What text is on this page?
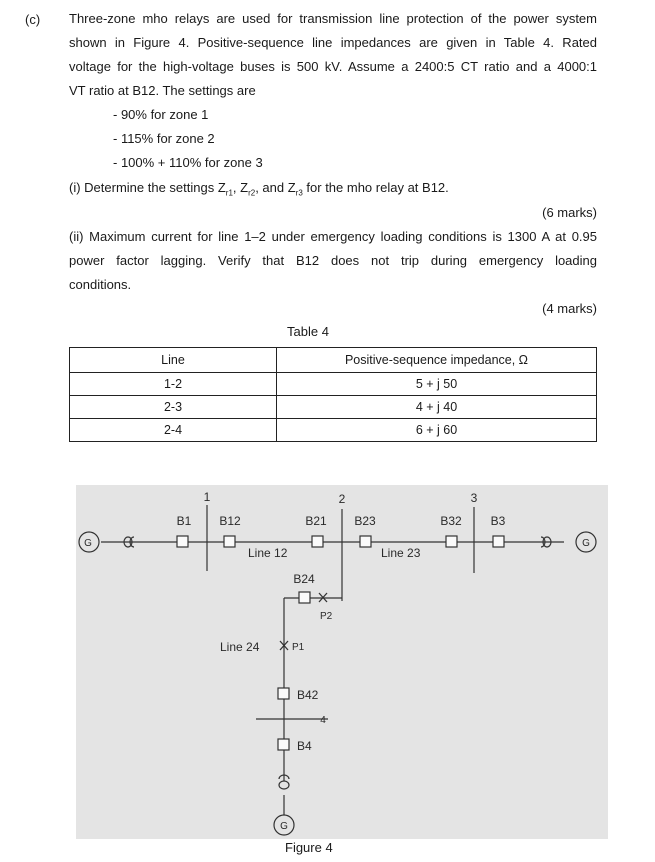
(c) Three-zone mho relays are used for transmission line protection of the power system
shown in Figure 4. Positive-sequence line impedances are given in Table 4. Rated
voltage for the high-voltage buses is 500 kV. Assume a 2400:5 CT ratio and a 4000:1
VT ratio at B12. The settings are
- 90% for zone 1
- 115% for zone 2
- 100% + 110% for zone 3
(i) Determine the settings $Z_{r1}$, $Z_{r2}$, and $Z_{r3}$ for the mho relay at B12.
(6 marks)
(ii) Maximum current for line 1–2 under emergency loading conditions is 1300 A at 0.95
power factor lagging. Verify that B12 does not trip during emergency loading
conditions.
(4 marks)
Table 4
Line	Positive-sequence impedance, Ω
1-2	5 + j 50
2-3	4 + j 40
2-4	6 + j 60
G	G
G
1	2	3
4
B1 B12	B21 B23	B32 B3
B24
B42
B4
Line 12	Line 23
Line 24	P1
P2
Figure 4
